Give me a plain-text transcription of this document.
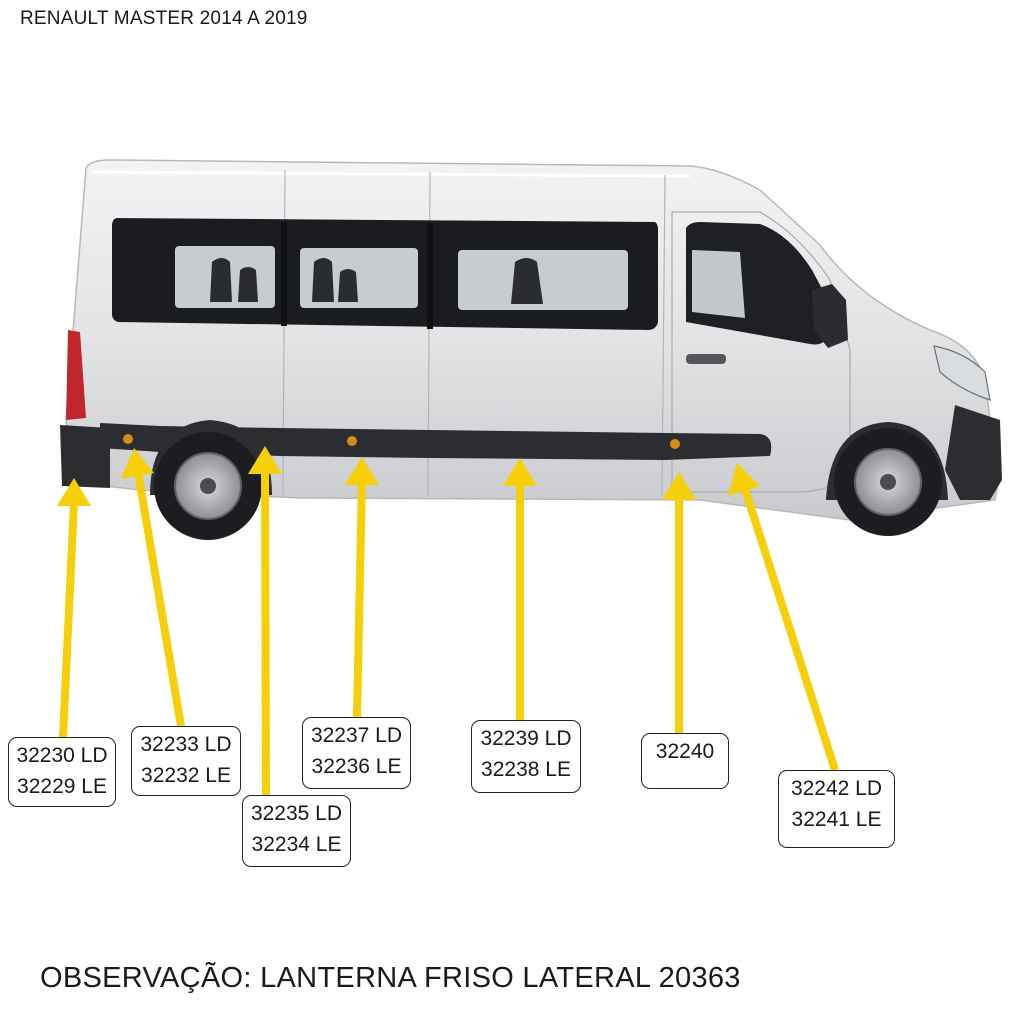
RENAULT MASTER 2014 A 2019
32230 LD
32229 LE
32233 LD
32232 LE
32235 LD
32234 LE
32237 LD
32236 LE
32239 LD
32238 LE
32240
32242 LD
32241 LE
OBSERVAÇÃO: LANTERNA FRISO LATERAL 20363
